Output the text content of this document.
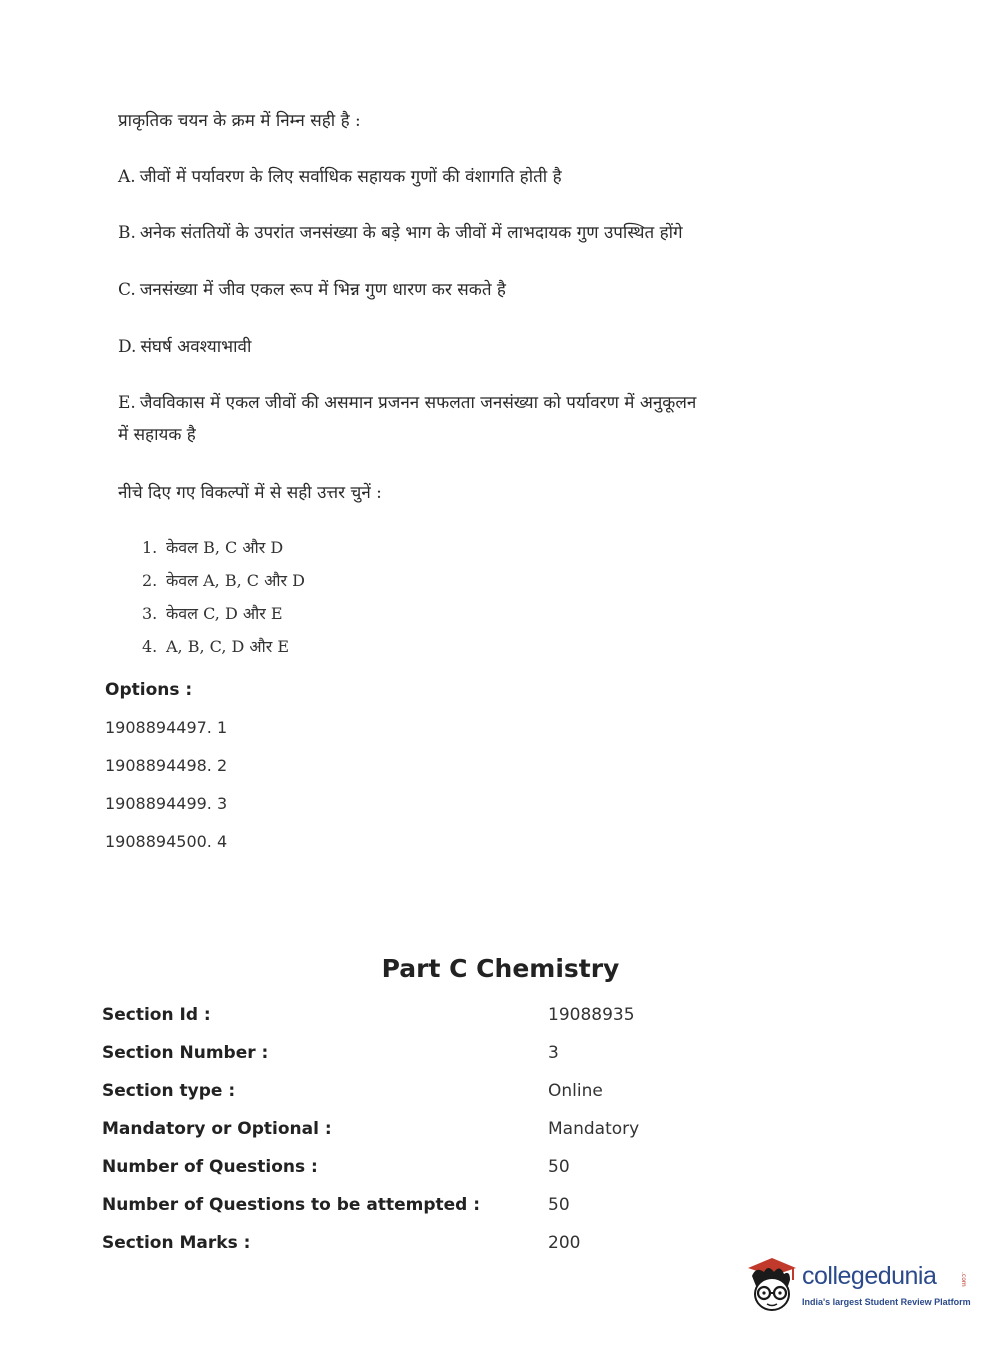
प्राकृतिक चयन के क्रम में निम्न सही है :
A. जीवों में पर्यावरण के लिए सर्वाधिक सहायक गुणों की वंशागति होती है
B. अनेक संततियों के उपरांत जनसंख्या के बड़े भाग के जीवों में लाभदायक गुण उपस्थित होंगे
C. जनसंख्या में जीव एकल रूप में भिन्न गुण धारण कर सकते है
D. संघर्ष अवश्याभावी
E. जैवविकास में एकल जीवों की असमान प्रजनन सफलता जनसंख्या को पर्यावरण में अनुकूलन
में सहायक है
नीचे दिए गए विकल्पों में से सही उत्तर चुनें :
1. केवल B, C और D
2. केवल A, B, C और D
3. केवल C, D और E
4. A, B, C, D और E
Options :
1908894497. 1
1908894498. 2
1908894499. 3
1908894500. 4
Part C Chemistry
Section Id :	19088935
Section Number :	3
Section type :	Online
Mandatory or Optional :	Mandatory
Number of Questions :	50
Number of Questions to be attempted :	50
Section Marks :	200
collegedunia	.com
India's largest Student Review Platform
